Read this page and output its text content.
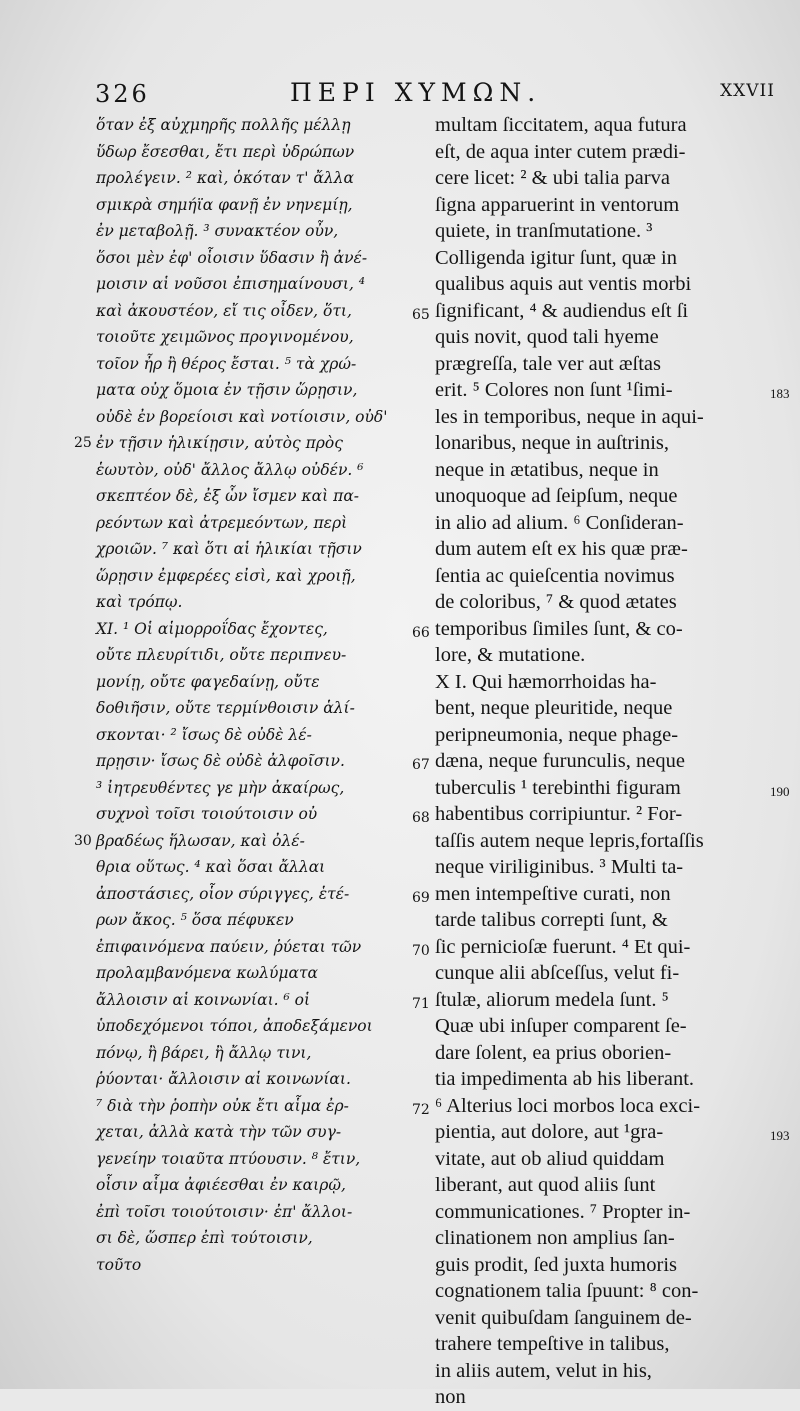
326	ΠΕΡΙ ΧΥΜΩΝ.	XXVII
ὅταν ἐξ αὐχμηρῆς πολλῆς μέλλῃ
ὕδωρ ἔσεσθαι, ἔτι περὶ ὑδρώπων
προλέγειν. ² καὶ, ὁκόταν τ' ἄλλα
σμικρὰ σημήϊα φανῇ ἐν νηνεμίῃ,
ἐν μεταβολῇ. ³ συνακτέον οὖν,
ὅσοι μὲν ἐφ' οἷοισιν ὕδασιν ἢ ἀνέ-
μοισιν αἱ νοῦσοι ἐπισημαίνουσι, ⁴
καὶ ἀκουστέον, εἴ τις οἶδεν, ὅτι,	65
τοιοῦτε χειμῶνος προγινομένου,
τοῖον ἦρ ἢ θέρος ἔσται. ⁵ τὰ χρώ-
ματα οὐχ ὅμοια ἐν τῇσιν ὥρῃσιν,
οὐδὲ ἐν βορείοισι καὶ νοτίοισιν, οὐδ'
ἐν τῇσιν ἡλικίῃσιν, αὐτὸς πρὸς
25
ἑωυτὸν, οὐδ' ἄλλος ἄλλῳ οὐδέν. ⁶
σκεπτέον δὲ, ἐξ ὧν ἴσμεν καὶ πα-
ρεόντων καὶ ἀτρεμεόντων, περὶ
χροιῶν. ⁷ καὶ ὅτι αἱ ἡλικίαι τῇσιν
ὥρῃσιν ἐμφερέες εἰσὶ, καὶ χροιῇ,
καὶ τρόπῳ.
ΧΙ. ¹ Οἱ αἱμορροΐδας ἔχοντες,	66
οὔτε πλευρίτιδι, οὔτε περιπνευ-
μονίῃ, οὔτε φαγεδαίνῃ, οὔτε
δοθιῆσιν, οὔτε τερμίνθοισιν ἁλί-
σκονται· ² ἴσως δὲ οὐδὲ λέ-
πρῃσιν· ἴσως δὲ οὐδὲ ἀλφοῖσιν.	67
³ ἰητρευθέντες γε μὴν ἀκαίρως,
συχνοὶ τοῖσι τοιούτοισιν οὐ	68
βραδέως ἥλωσαν, καὶ ὀλέ-
30
θρια οὕτως. ⁴ καὶ ὅσαι ἄλλαι
ἀποστάσιες, οἷον σύριγγες, ἑτέ-	69
ρων ἄκος. ⁵ ὅσα πέφυκεν
ἐπιφαινόμενα παύειν, ῥύεται τῶν	70
προλαμβανόμενα κωλύματα
ἄλλοισιν αἱ κοινωνίαι. ⁶ οἱ	71
ὑποδεχόμενοι τόποι, ἀποδεξάμενοι
πόνῳ, ἢ βάρει, ἢ ἄλλῳ τινι,
ῥύονται· ἄλλοισιν αἱ κοινωνίαι.
⁷ διὰ τὴν ῥοπὴν οὐκ ἔτι αἷμα ἐρ-	72
χεται, ἀλλὰ κατὰ τὴν τῶν συγ-
γενείην τοιαῦτα πτύουσιν. ⁸ ἔτιν,
οἷσιν αἷμα ἀφιέεσθαι ἐν καιρῷ,
ἐπὶ τοῖσι τοιούτοισιν· ἐπ' ἄλλοι-
σι δὲ, ὥσπερ ἐπὶ τούτοισιν,
τοῦτο
multam ſiccitatem, aqua futura
eſt, de aqua inter cutem prædi-
cere licet: ² & ubi talia parva
ſigna apparuerint in ventorum
quiete, in tranſmutatione. ³
Colligenda igitur ſunt, quæ in
qualibus aquis aut ventis morbi
ſignificant, ⁴ & audiendus eſt ſi
quis novit, quod tali hyeme
prægreſſa, tale ver aut æſtas
erit. ⁵ Colores non ſunt ¹ſimi-	183
les in temporibus, neque in aqui-
lonaribus, neque in auſtrinis,
neque in ætatibus, neque in
unoquoque ad ſeipſum, neque
in alio ad alium. ⁶ Conſideran-
dum autem eſt ex his quæ præ-
ſentia ac quieſcentia novimus
de coloribus, ⁷ & quod ætates
temporibus ſimiles ſunt, & co-
lore, & mutatione.
X I. Qui hæmorrhoidas ha-
bent, neque pleuritide, neque
peripneumonia, neque phage-
dæna, neque furunculis, neque
tuberculis ¹ terebinthi figuram	190
habentibus corripiuntur. ² For-
taſſis autem neque lepris,fortaſſis
neque viriliginibus. ³ Multi ta-
men intempeſtive curati, non
tarde talibus correpti ſunt, &
ſic pernicioſæ fuerunt. ⁴ Et qui-
cunque alii abſceſſus, velut fi-
ſtulæ, aliorum medela ſunt. ⁵
Quæ ubi inſuper comparent ſe-
dare ſolent, ea prius oborien-
tia impedimenta ab his liberant.
⁶ Alterius loci morbos loca exci-
pientia, aut dolore, aut ¹gra-	193
vitate, aut ob aliud quiddam
liberant, aut quod aliis ſunt
communicationes. ⁷ Propter in-
clinationem non amplius ſan-
guis prodit, ſed juxta humoris
cognationem talia ſpuunt: ⁸ con-
venit quibuſdam ſanguinem de-
trahere tempeſtive in talibus,
in aliis autem, velut in his,
non
